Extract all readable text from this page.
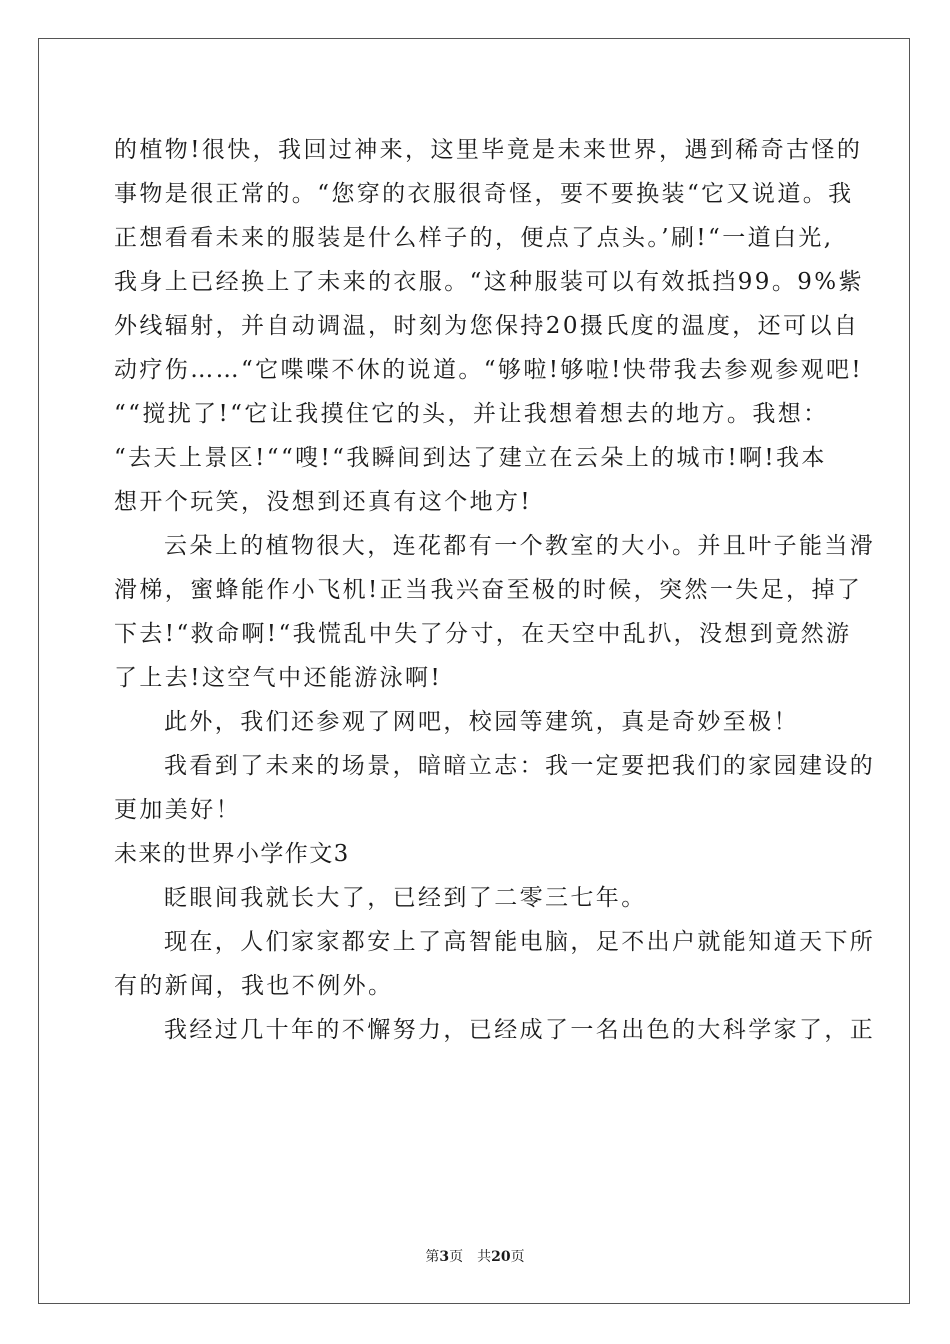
的植物!很快，我回过神来，这里毕竟是未来世界，遇到稀奇古怪的
事物是很正常的。“您穿的衣服很奇怪，要不要换装“它又说道。我
正想看看未来的服装是什么样子的，便点了点头。’刷!“一道白光,
我身上已经换上了未来的衣服。“这种服装可以有效抵挡99。9%紫
外线辐射，并自动调温，时刻为您保持20摄氏度的温度，还可以自
动疗伤……“它喋喋不休的说道。“够啦!够啦!快带我去参观参观吧!
““搅扰了!“它让我摸住它的头，并让我想着想去的地方。我想：
“去天上景区!““嗖!“我瞬间到达了建立在云朵上的城市!啊!我本
想开个玩笑，没想到还真有这个地方!
云朵上的植物很大，连花都有一个教室的大小。并且叶子能当滑
滑梯，蜜蜂能作小飞机!正当我兴奋至极的时候，突然一失足，掉了
下去!“救命啊!“我慌乱中失了分寸，在天空中乱扒，没想到竟然游
了上去!这空气中还能游泳啊!
此外，我们还参观了网吧，校园等建筑，真是奇妙至极！
我看到了未来的场景，暗暗立志：我一定要把我们的家园建设的
更加美好！
未来的世界小学作文3
眨眼间我就长大了，已经到了二零三七年。
现在，人们家家都安上了高智能电脑，足不出户就能知道天下所
有的新闻，我也不例外。
我经过几十年的不懈努力，已经成了一名出色的大科学家了，正
第3页 共20页
